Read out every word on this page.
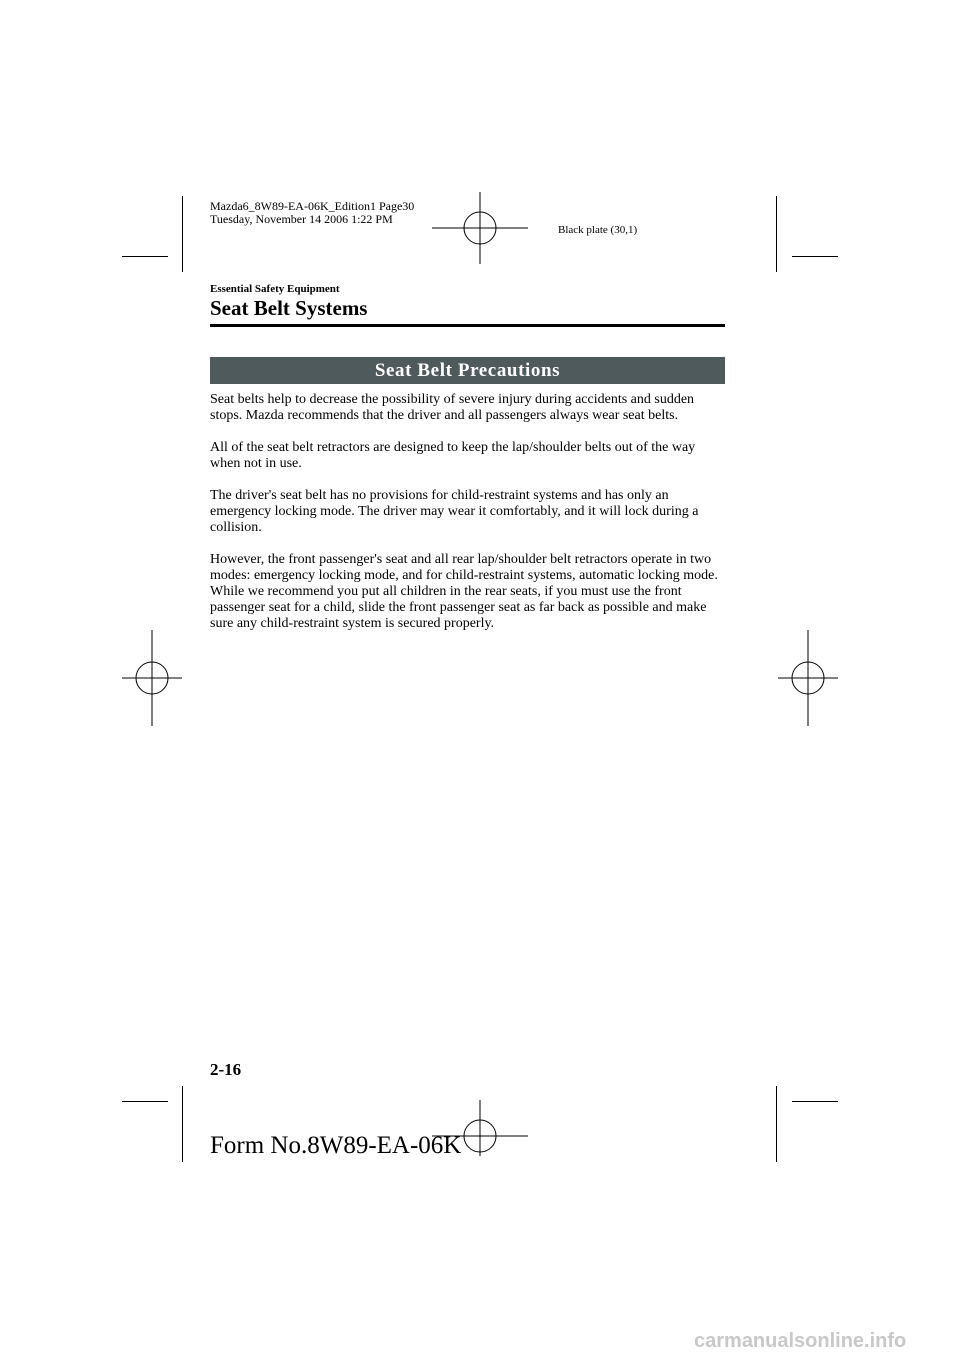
Mazda6_8W89-EA-06K_Edition1 Page30
Tuesday, November 14 2006 1:22 PM
Black plate (30,1)
Essential Safety Equipment
Seat Belt Systems
Seat Belt Precautions

Seat belts help to decrease the possibility of severe injury during accidents and sudden stops. Mazda recommends that the driver and all passengers always wear seat belts.

All of the seat belt retractors are designed to keep the lap/shoulder belts out of the way when not in use.

The driver's seat belt has no provisions for child-restraint systems and has only an emergency locking mode. The driver may wear it comfortably, and it will lock during a collision.

However, the front passenger's seat and all rear lap/shoulder belt retractors operate in two modes: emergency locking mode, and for child-restraint systems, automatic locking mode. While we recommend you put all children in the rear seats, if you must use the front passenger seat for a child, slide the front passenger seat as far back as possible and make sure any child-restraint system is secured properly.

2-16
Form No.8W89-EA-06K
carmanualsonline.info
